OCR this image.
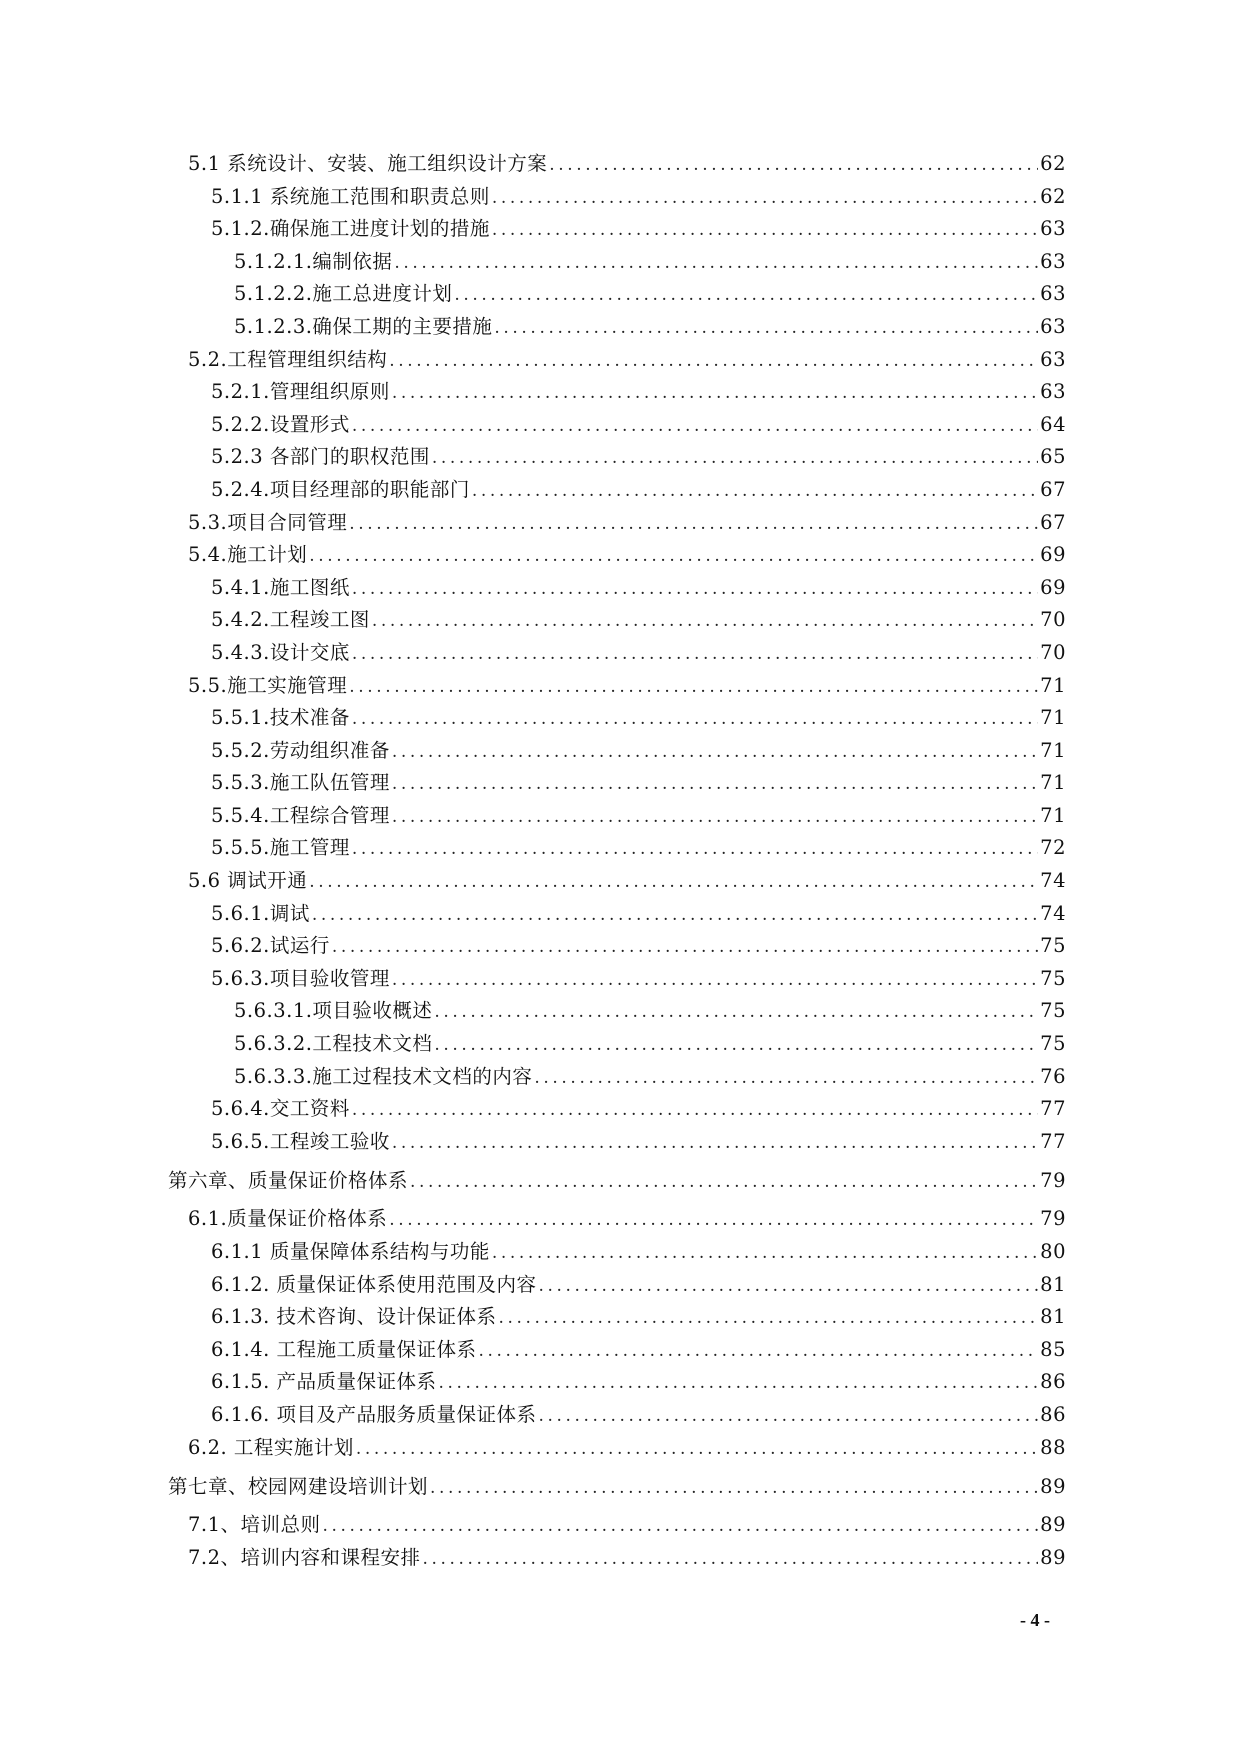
5.1 系统设计、安装、施工组织设计方案 .....	62
5.1.1 系统施工范围和职责总则 .....	62
5.1.2.确保施工进度计划的措施 .....	63
5.1.2.1.编制依据 .....	63
5.1.2.2.施工总进度计划 .....	63
5.1.2.3.确保工期的主要措施 .....	63
5.2.工程管理组织结构 .....	63
5.2.1.管理组织原则 .....	63
5.2.2.设置形式 .....	64
5.2.3 各部门的职权范围 .....	65
5.2.4.项目经理部的职能部门 .....	67
5.3.项目合同管理 .....	67
5.4.施工计划 .....	69
5.4.1.施工图纸 .....	69
5.4.2.工程竣工图 .....	70
5.4.3.设计交底 .....	70
5.5.施工实施管理 .....	71
5.5.1.技术准备 .....	71
5.5.2.劳动组织准备 .....	71
5.5.3.施工队伍管理 .....	71
5.5.4.工程综合管理 .....	71
5.5.5.施工管理 .....	72
5.6 调试开通 .....	74
5.6.1.调试 .....	74
5.6.2.试运行 .....	75
5.6.3.项目验收管理 .....	75
5.6.3.1.项目验收概述 .....	75
5.6.3.2.工程技术文档 .....	75
5.6.3.3.施工过程技术文档的内容 .....	76
5.6.4.交工资料 .....	77
5.6.5.工程竣工验收 .....	77
第六章、质量保证价格体系 .....	79
6.1.质量保证价格体系 .....	79
6.1.1 质量保障体系结构与功能 .....	80
6.1.2. 质量保证体系使用范围及内容 .....	81
6.1.3. 技术咨询、设计保证体系 .....	81
6.1.4. 工程施工质量保证体系 .....	85
6.1.5. 产品质量保证体系 .....	86
6.1.6. 项目及产品服务质量保证体系 .....	86
6.2. 工程实施计划 .....	88
第七章、校园网建设培训计划 .....	89
7.1、培训总则 .....	89
7.2、培训内容和课程安排 .....	89
- 4 -
